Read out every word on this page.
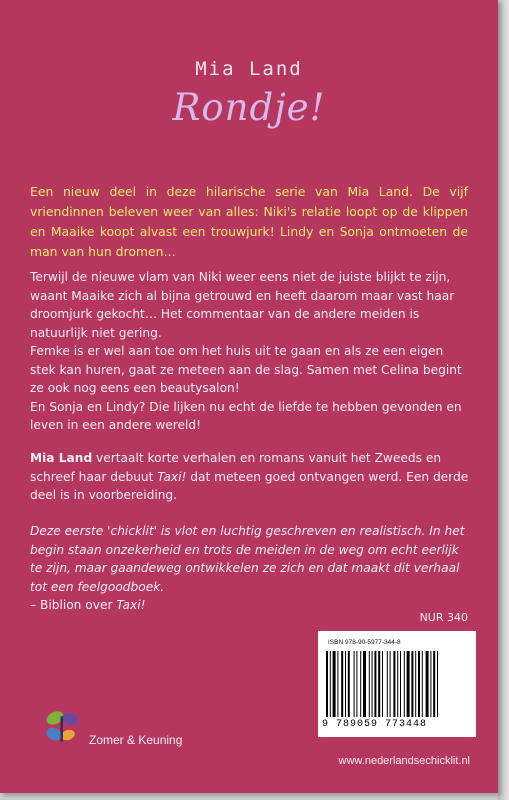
Mia Land
Rondje!
Een nieuw deel in deze hilarische serie van Mia Land. De vijf vriendinnen beleven weer van alles: Niki's relatie loopt op de klippen en Maaike koopt alvast een trouwjurk! Lindy en Sonja ontmoeten de man van hun dromen…

Terwijl de nieuwe vlam van Niki weer eens niet de juiste blijkt te zijn, waant Maaike zich al bijna getrouwd en heeft daarom maar vast haar droomjurk gekocht… Het commentaar van de andere meiden is natuurlijk niet gering.

Femke is er wel aan toe om het huis uit te gaan en als ze een eigen stek kan huren, gaat ze meteen aan de slag. Samen met Celina begint ze ook nog eens een beautysalon!

En Sonja en Lindy? Die lijken nu echt de liefde te hebben gevonden en leven in een andere wereld!

Mia Land vertaalt korte verhalen en romans vanuit het Zweeds en schreef haar debuut Taxi! dat meteen goed ontvangen werd. Een derde deel is in voorbereiding.
Deze eerste 'chicklit' is vlot en luchtig geschreven en realistisch. In het begin staan onzekerheid en trots de meiden in de weg om echt eerlijk te zijn, maar gaandeweg ontwikkelen ze zich en dat maakt dit verhaal tot een feelgoodboek.
– Biblion over Taxi!
NUR 340
ISBN 978-90-5977-344-8
9 789059 773448
Zomer & Keuning
www.nederlandsechicklit.nl
